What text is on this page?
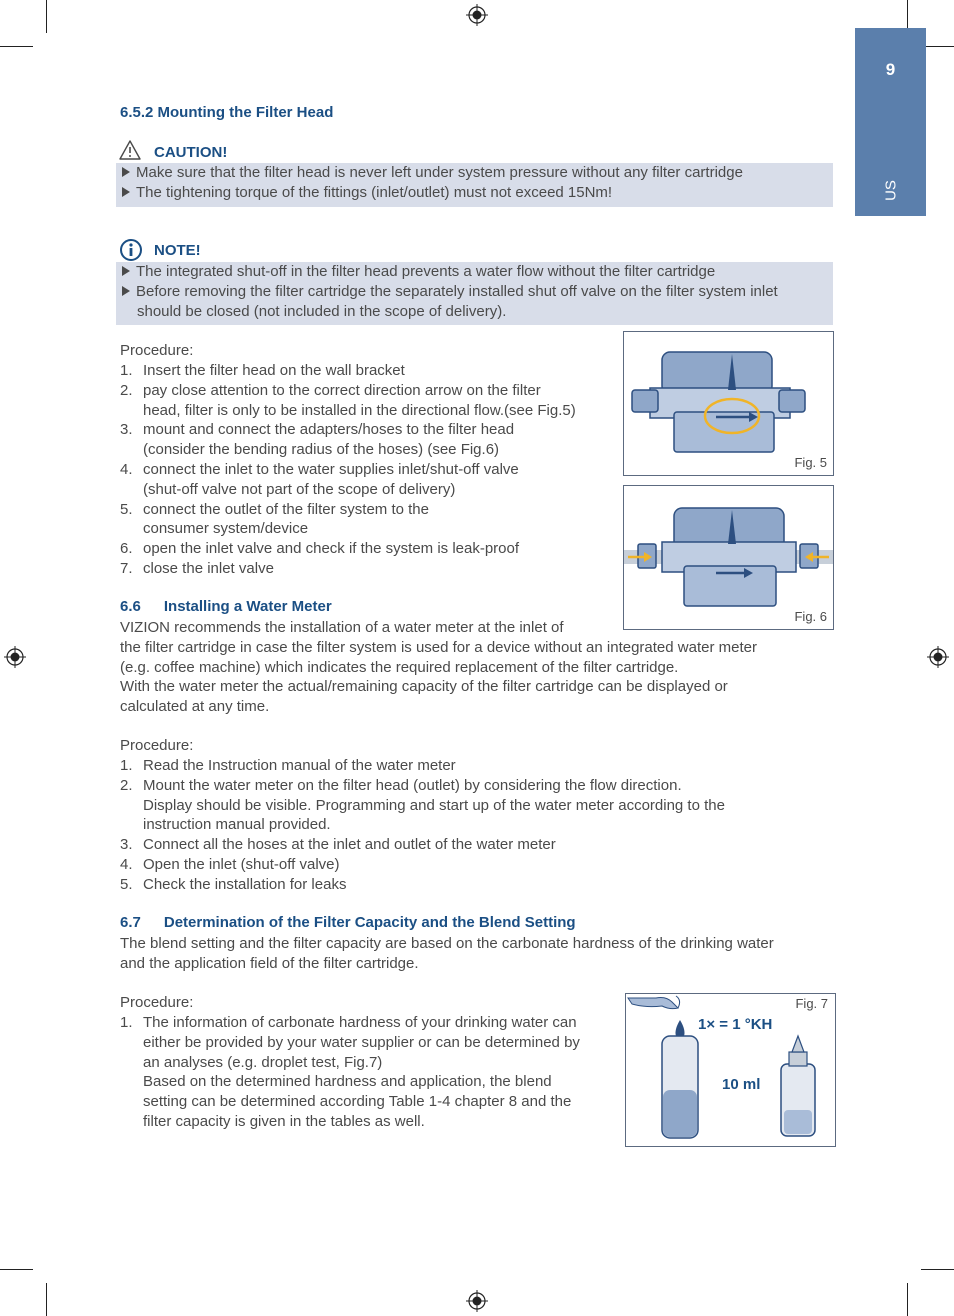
9
US
6.5.2 Mounting the Filter Head
CAUTION!
Make sure that the filter head is never left under system pressure without any filter cartridge
The tightening torque of the fittings (inlet/outlet) must not exceed 15Nm!
NOTE!
The integrated shut-off in the filter head prevents a water flow without the filter cartridge
Before removing the filter cartridge the separately installed shut off valve on the filter system inlet
should be closed (not included in the scope of delivery).
Procedure:
1. Insert the filter head on the wall bracket
2. pay close attention to the correct direction arrow on the filter
head, filter is only to be installed in the directional flow.(see Fig.5)
3. mount and connect the adapters/hoses to the filter head
(consider the bending radius of the hoses) (see Fig.6)
4. connect the inlet to the water supplies inlet/shut-off valve
(shut-off valve not part of the scope of delivery)
5. connect the outlet of the filter system to the
consumer system/device
6. open the inlet valve and check if the system is leak-proof
7. close the inlet valve
Fig. 5
Fig. 6
6.6 Installing a Water Meter
VIZION recommends the installation of a water meter at the inlet of
the filter cartridge in case the filter system is used for a device without an integrated water meter
(e.g. coffee machine) which indicates the required replacement of the filter cartridge.
With the water meter the actual/remaining capacity of the filter cartridge can be displayed or
calculated at any time.
Procedure:
1. Read the Instruction manual of the water meter
2. Mount the water meter on the filter head (outlet) by considering the flow direction.
Display should be visible. Programming and start up of the water meter according to the
instruction manual provided.
3. Connect all the hoses at the inlet and outlet of the water meter
4. Open the inlet (shut-off valve)
5. Check the installation for leaks
6.7 Determination of the Filter Capacity and the Blend Setting
The blend setting and the filter capacity are based on the carbonate hardness of the drinking water
and the application field of the filter cartridge.
Procedure:
1. The information of carbonate hardness of your drinking water can
either be provided by your water supplier or can be determined by
an analyses (e.g. droplet test, Fig.7)
Based on the determined hardness and application, the blend
setting can be determined according Table 1-4 chapter 8 and the
filter capacity is given in the tables as well.
Fig. 7
1× = 1 °KH
10 ml
